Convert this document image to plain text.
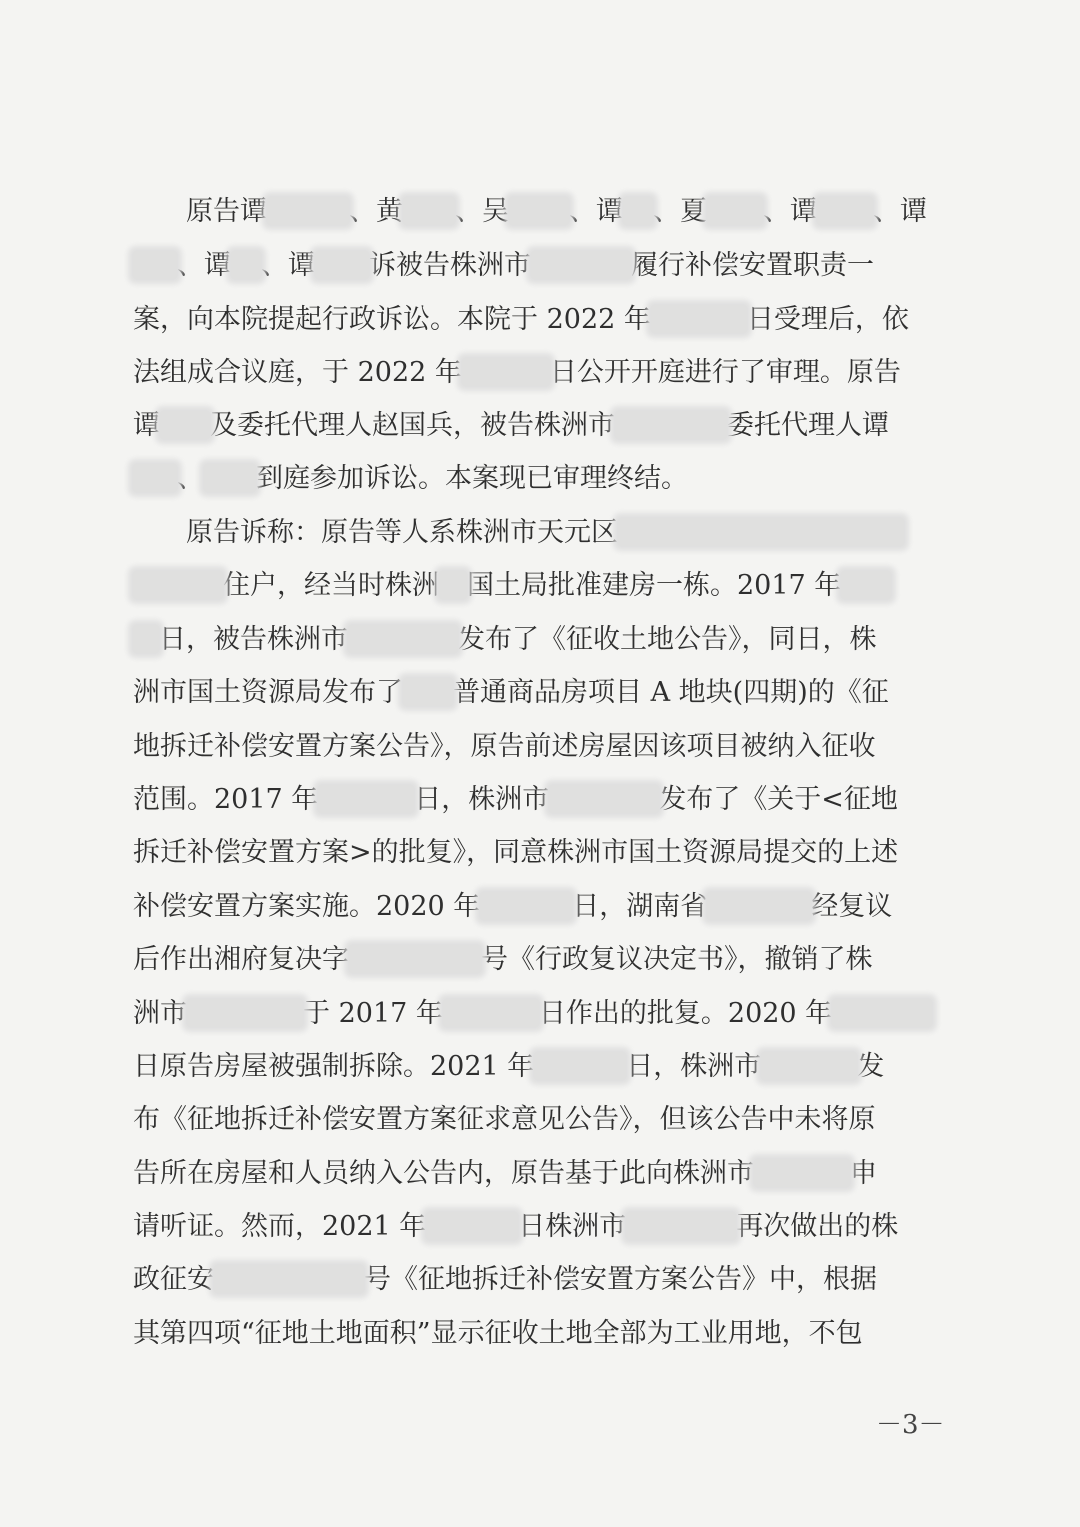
原告谭	、黄 、吴 、谭 、夏 、谭 、谭
、谭 、谭 诉被告株洲市	履行补偿安置职责一
案，向本院提起行政诉讼。本院于 2022 年	日受理后，依
法组成合议庭，于 2022 年	日公开开庭进行了审理。原告
谭 及委托代理人赵国兵，被告株洲市	委托代理人谭
、 到庭参加诉讼。本案现已审理终结。
原告诉称：原告等人系株洲市天元区
住户，经当时株洲 国土局批准建房一栋。2017 年
日，被告株洲市	发布了《征收土地公告》，同日，株
洲市国土资源局发布了 普通商品房项目 A 地块(四期)的《征
地拆迁补偿安置方案公告》，原告前述房屋因该项目被纳入征收
范围。2017 年	日，株洲市	发布了《关于<征地
拆迁补偿安置方案>的批复》，同意株洲市国土资源局提交的上述
补偿安置方案实施。2020 年	日，湖南省	经复议
后作出湘府复决字	号《行政复议决定书》，撤销了株
洲市	于 2017 年	日作出的批复。2020 年
日原告房屋被强制拆除。2021 年	日，株洲市	发
布《征地拆迁补偿安置方案征求意见公告》，但该公告中未将原
告所在房屋和人员纳入公告内，原告基于此向株洲市	申
请听证。然而，2021 年	日株洲市	再次做出的株
政征安	号《征地拆迁补偿安置方案公告》中，根据
其第四项“征地土地面积”显示征收土地全部为工业用地，不包
－3－
